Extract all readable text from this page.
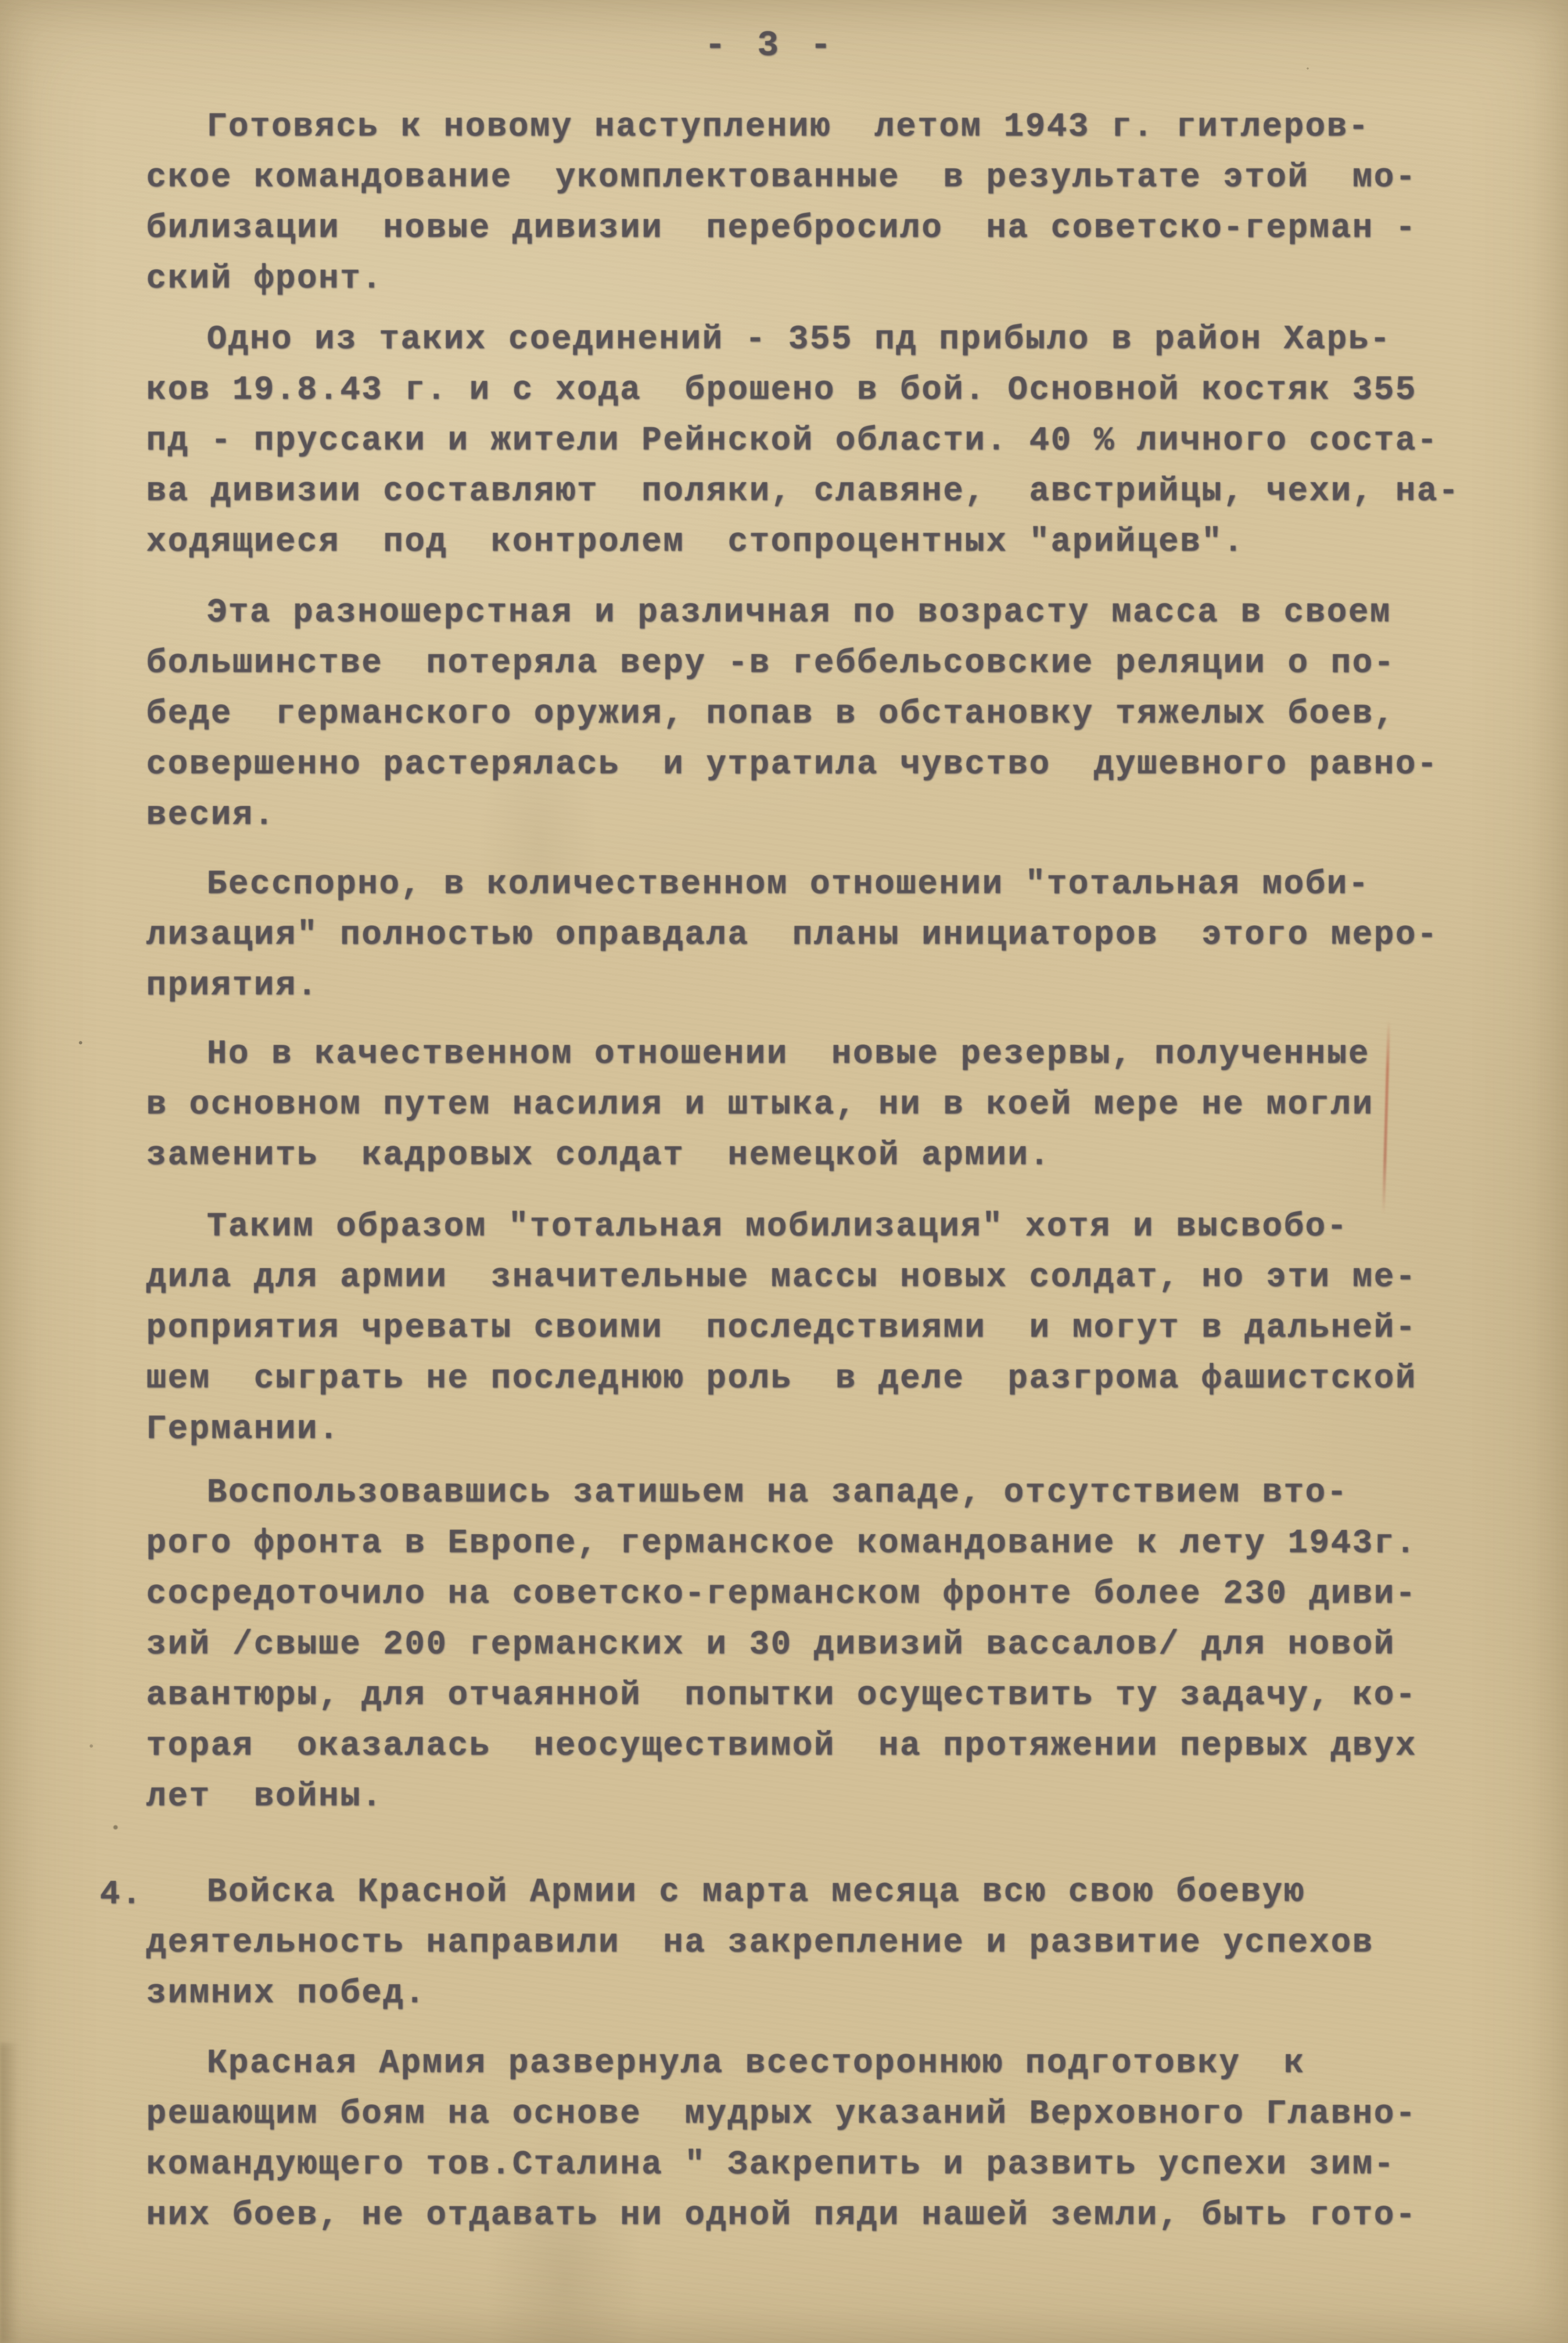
- 3 -
Готовясь к новому наступлению  летом 1943 г. гитлеров-
ское командование  укомплектованные  в результате этой  мо-
билизации  новые дивизии  перебросило  на советско-герман -
ский фронт.
Одно из таких соединений - 355 пд прибыло в район Харь-
ков 19.8.43 г. и с хода  брошено в бой. Основной костяк 355
пд - пруссаки и жители Рейнской области. 40 % личного соста-
ва дивизии составляют  поляки, славяне,  австрийцы, чехи, на-
ходящиеся  под  контролем  стопроцентных "арийцев".
Эта разношерстная и различная по возрасту масса в своем
большинстве  потеряла веру -в геббельсовские реляции о по-
беде  германского оружия, попав в обстановку тяжелых боев,
совершенно растерялась  и утратила чувство  душевного равно-
весия.
Бесспорно, в количественном отношении "тотальная моби-
лизация" полностью оправдала  планы инициаторов  этого меро-
приятия.
Но в качественном отношении  новые резервы, полученные
в основном путем насилия и штыка, ни в коей мере не могли
заменить  кадровых солдат  немецкой армии.
Таким образом "тотальная мобилизация" хотя и высвобо-
дила для армии  значительные массы новых солдат, но эти ме-
роприятия чреваты своими  последствиями  и могут в дальней-
шем  сыграть не последнюю роль  в деле  разгрома фашистской
Германии.
Воспользовавшись затишьем на западе, отсутствием вто-
рого фронта в Европе, германское командование к лету 1943г.
сосредоточило на советско-германском фронте более 230 диви-
зий /свыше 200 германских и 30 дивизий вассалов/ для новой
авантюры, для отчаянной  попытки осуществить ту задачу, ко-
торая  оказалась  неосуществимой  на протяжении первых двух
лет  войны.
Войска Красной Армии с марта месяца всю свою боевую
деятельность направили  на закрепление и развитие успехов
зимних побед.
Красная Армия развернула всестороннюю подготовку  к
решающим боям на основе  мудрых указаний Верховного Главно-
командующего тов.Сталина " Закрепить и развить успехи зим-
них боев, не отдавать ни одной пяди нашей земли, быть гото-
4.
